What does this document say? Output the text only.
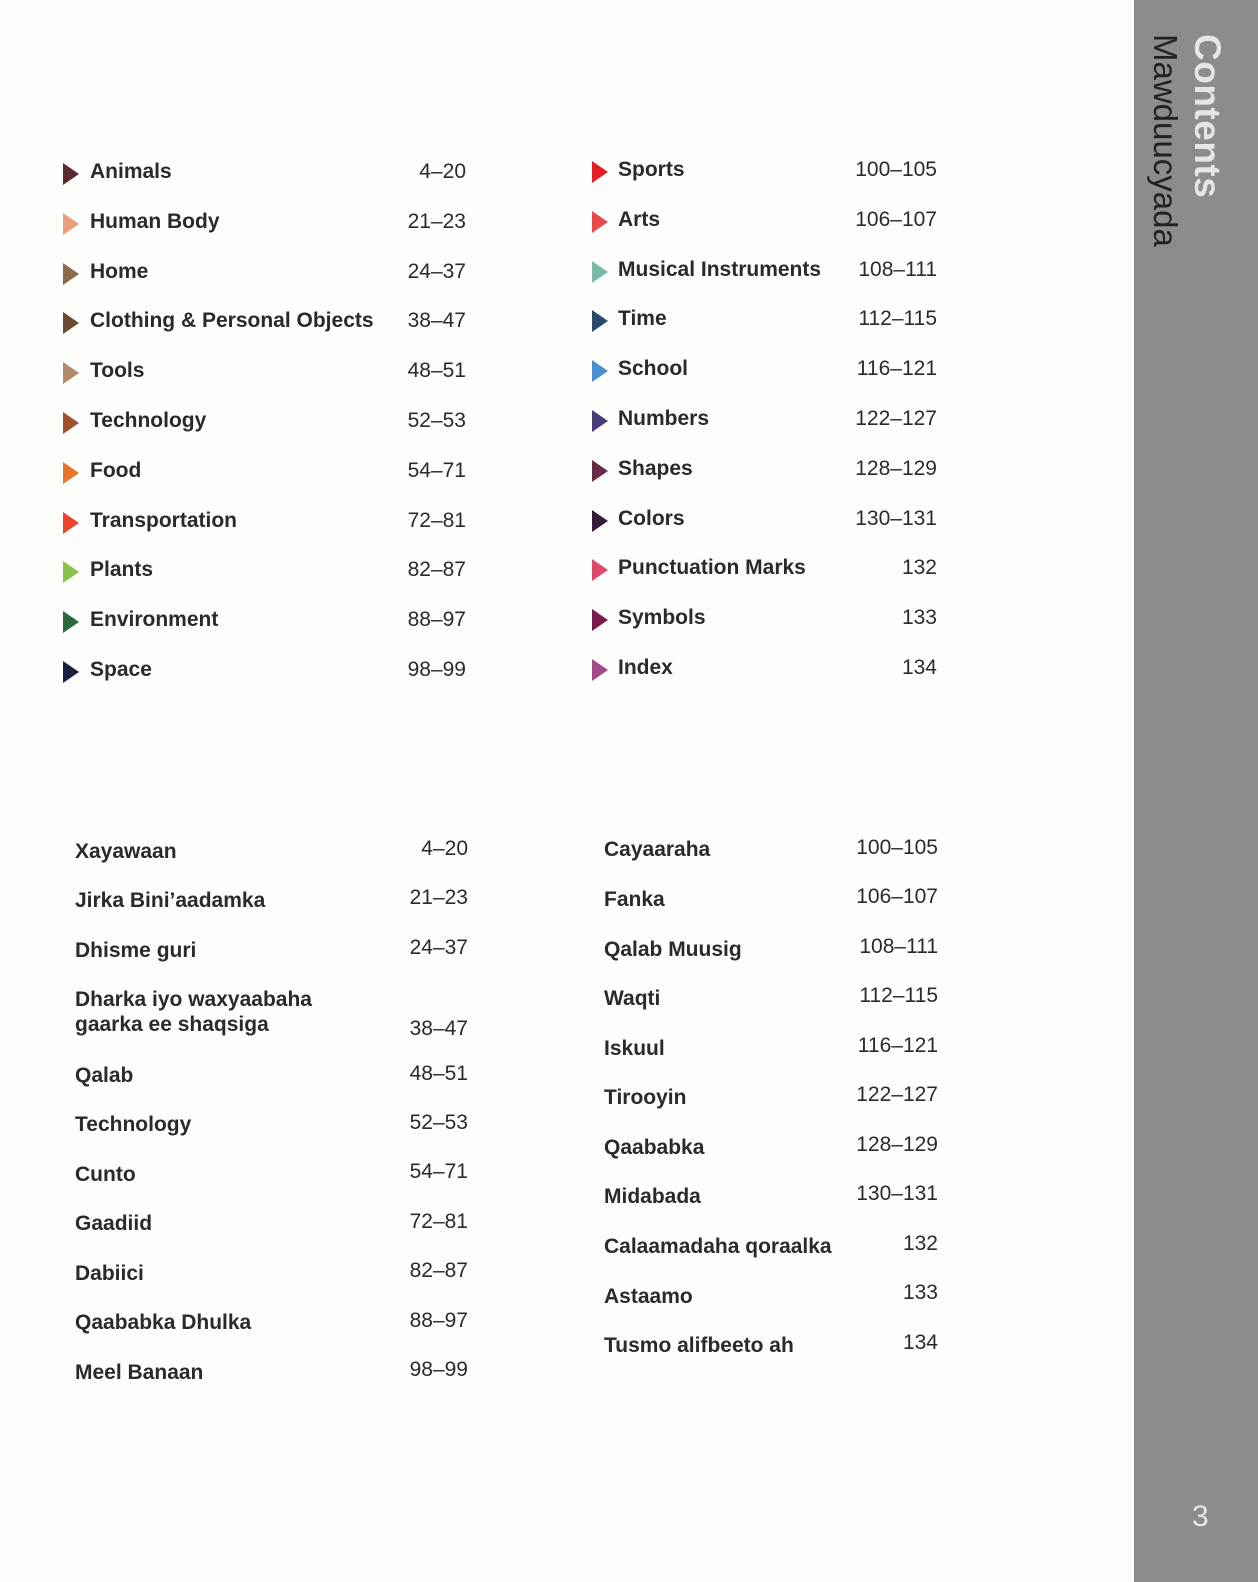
Contents
Mawduucyada
3
Animals	4–20
Human Body	21–23
Home	24–37
Clothing & Personal Objects	38–47
Tools	48–51
Technology	52–53
Food	54–71
Transportation	72–81
Plants	82–87
Environment	88–97
Space	98–99
Sports	100–105
Arts	106–107
Musical Instruments	108–111
Time	112–115
School	116–121
Numbers	122–127
Shapes	128–129
Colors	130–131
Punctuation Marks	132
Symbols	133
Index	134
Xayawaan	4–20
Jirka Bini’aadamka	21–23
Dhisme guri	24–37
Dharka iyo waxyaabaha
gaarka ee shaqsiga	38–47
Qalab	48–51
Technology	52–53
Cunto	54–71
Gaadiid	72–81
Dabiici	82–87
Qaababka Dhulka	88–97
Meel Banaan	98–99
Cayaaraha	100–105
Fanka	106–107
Qalab Muusig	108–111
Waqti	112–115
Iskuul	116–121
Tirooyin	122–127
Qaababka	128–129
Midabada	130–131
Calaamadaha qoraalka	132
Astaamo	133
Tusmo alifbeeto ah	134
